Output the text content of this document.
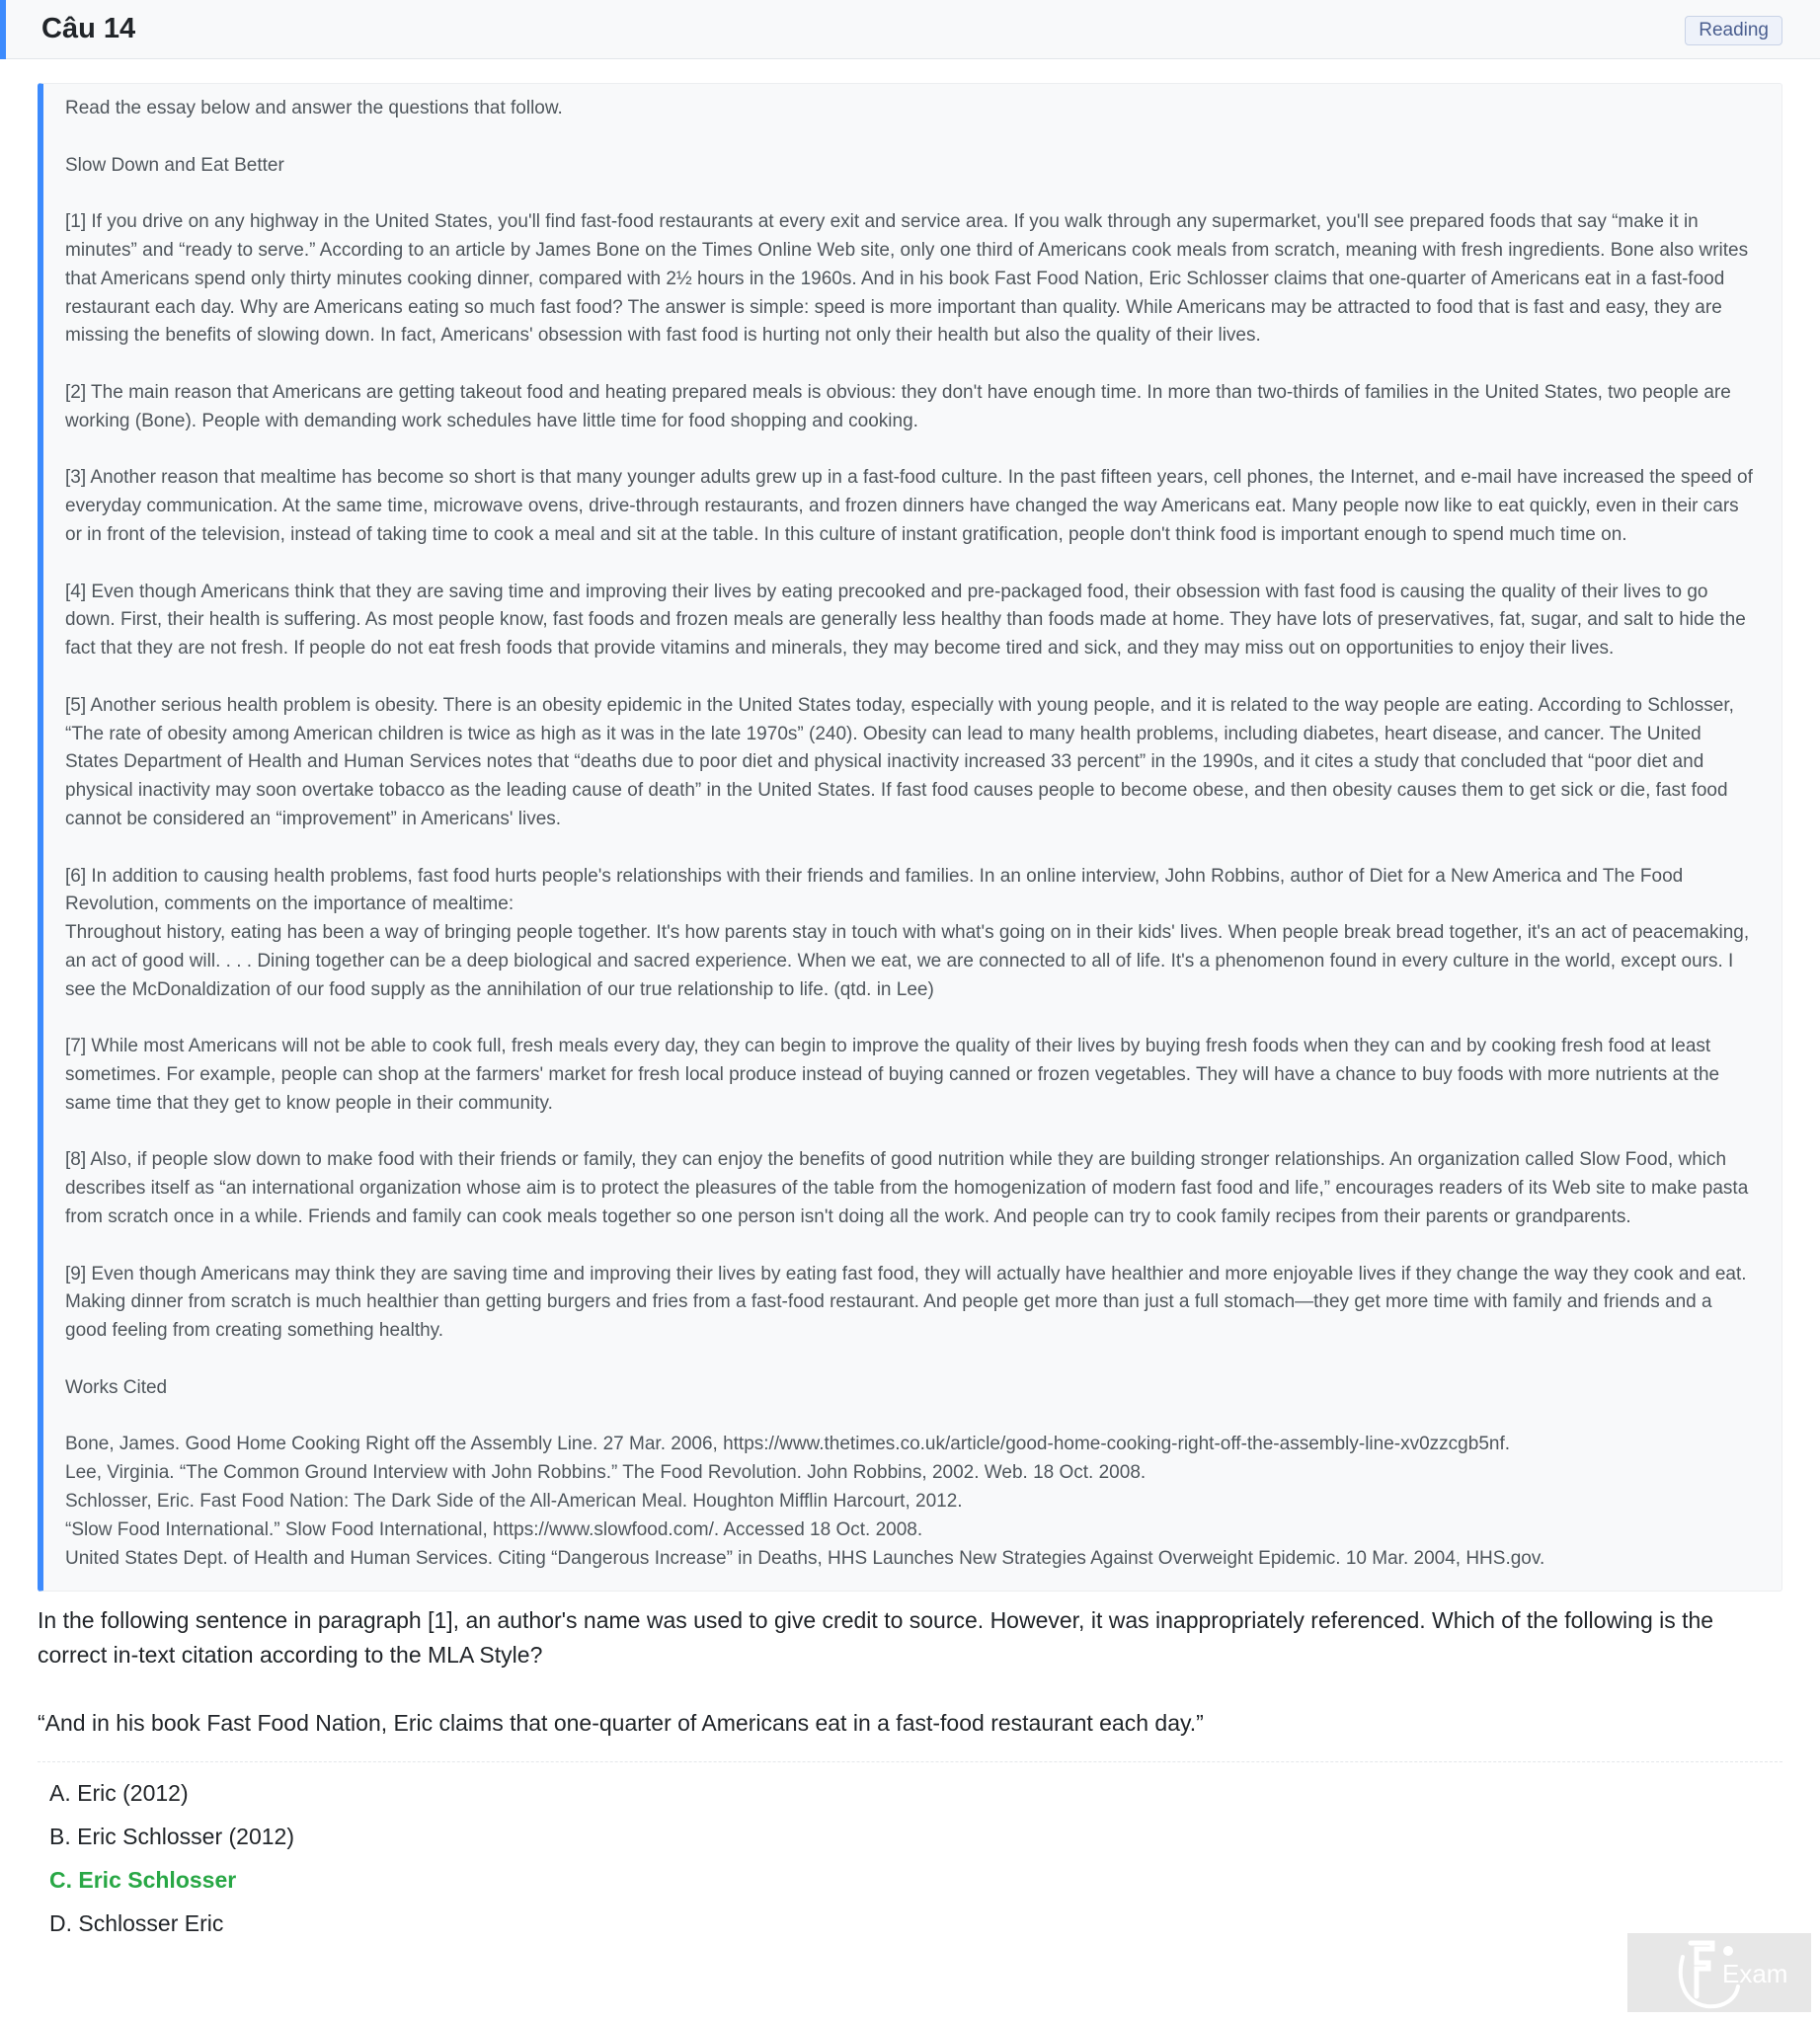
Câu 14	Reading

Read the essay below and answer the questions that follow.

Slow Down and Eat Better

[1] If you drive on any highway in the United States, you'll find fast-food restaurants at every exit and service area. If you walk through any supermarket, you'll see prepared foods that say “make it in minutes” and “ready to serve.” According to an article by James Bone on the Times Online Web site, only one third of Americans cook meals from scratch, meaning with fresh ingredients. Bone also writes that Americans spend only thirty minutes cooking dinner, compared with 2½ hours in the 1960s. And in his book Fast Food Nation, Eric Schlosser claims that one-quarter of Americans eat in a fast-food restaurant each day. Why are Americans eating so much fast food? The answer is simple: speed is more important than quality. While Americans may be attracted to food that is fast and easy, they are missing the benefits of slowing down. In fact, Americans' obsession with fast food is hurting not only their health but also the quality of their lives.

[2] The main reason that Americans are getting takeout food and heating prepared meals is obvious: they don't have enough time. In more than two-thirds of families in the United States, two people are working (Bone). People with demanding work schedules have little time for food shopping and cooking.

[3] Another reason that mealtime has become so short is that many younger adults grew up in a fast-food culture. In the past fifteen years, cell phones, the Internet, and e-mail have increased the speed of everyday communication. At the same time, microwave ovens, drive-through restaurants, and frozen dinners have changed the way Americans eat. Many people now like to eat quickly, even in their cars or in front of the television, instead of taking time to cook a meal and sit at the table. In this culture of instant gratification, people don't think food is important enough to spend much time on.

[4] Even though Americans think that they are saving time and improving their lives by eating precooked and pre-packaged food, their obsession with fast food is causing the quality of their lives to go down. First, their health is suffering. As most people know, fast foods and frozen meals are generally less healthy than foods made at home. They have lots of preservatives, fat, sugar, and salt to hide the fact that they are not fresh. If people do not eat fresh foods that provide vitamins and minerals, they may become tired and sick, and they may miss out on opportunities to enjoy their lives.

[5] Another serious health problem is obesity. There is an obesity epidemic in the United States today, especially with young people, and it is related to the way people are eating. According to Schlosser, “The rate of obesity among American children is twice as high as it was in the late 1970s” (240). Obesity can lead to many health problems, including diabetes, heart disease, and cancer. The United States Department of Health and Human Services notes that “deaths due to poor diet and physical inactivity increased 33 percent” in the 1990s, and it cites a study that concluded that “poor diet and physical inactivity may soon overtake tobacco as the leading cause of death” in the United States. If fast food causes people to become obese, and then obesity causes them to get sick or die, fast food cannot be considered an “improvement” in Americans' lives.

[6] In addition to causing health problems, fast food hurts people's relationships with their friends and families. In an online interview, John Robbins, author of Diet for a New America and The Food Revolution, comments on the importance of mealtime:
Throughout history, eating has been a way of bringing people together. It's how parents stay in touch with what's going on in their kids' lives. When people break bread together, it's an act of peacemaking, an act of good will. . . . Dining together can be a deep biological and sacred experience. When we eat, we are connected to all of life. It's a phenomenon found in every culture in the world, except ours. I see the McDonaldization of our food supply as the annihilation of our true relationship to life. (qtd. in Lee)

[7] While most Americans will not be able to cook full, fresh meals every day, they can begin to improve the quality of their lives by buying fresh foods when they can and by cooking fresh food at least sometimes. For example, people can shop at the farmers' market for fresh local produce instead of buying canned or frozen vegetables. They will have a chance to buy foods with more nutrients at the same time that they get to know people in their community.

[8] Also, if people slow down to make food with their friends or family, they can enjoy the benefits of good nutrition while they are building stronger relationships. An organization called Slow Food, which describes itself as “an international organization whose aim is to protect the pleasures of the table from the homogenization of modern fast food and life,” encourages readers of its Web site to make pasta from scratch once in a while. Friends and family can cook meals together so one person isn't doing all the work. And people can try to cook family recipes from their parents or grandparents.

[9] Even though Americans may think they are saving time and improving their lives by eating fast food, they will actually have healthier and more enjoyable lives if they change the way they cook and eat. Making dinner from scratch is much healthier than getting burgers and fries from a fast-food restaurant. And people get more than just a full stomach—they get more time with family and friends and a good feeling from creating something healthy.

Works Cited

Bone, James. Good Home Cooking Right off the Assembly Line. 27 Mar. 2006, https://www.thetimes.co.uk/article/good-home-cooking-right-off-the-assembly-line-xv0zzcgb5nf.

Lee, Virginia. “The Common Ground Interview with John Robbins.” The Food Revolution. John Robbins, 2002. Web. 18 Oct. 2008.

Schlosser, Eric. Fast Food Nation: The Dark Side of the All-American Meal. Houghton Mifflin Harcourt, 2012.

“Slow Food International.” Slow Food International, https://www.slowfood.com/. Accessed 18 Oct. 2008.

United States Dept. of Health and Human Services. Citing “Dangerous Increase” in Deaths, HHS Launches New Strategies Against Overweight Epidemic. 10 Mar. 2004, HHS.gov.

In the following sentence in paragraph [1], an author's name was used to give credit to source. However, it was inappropriately referenced. Which of the following is the correct in-text citation according to the MLA Style?

“And in his book Fast Food Nation, Eric claims that one-quarter of Americans eat in a fast-food restaurant each day.”

A. Eric (2012)
B. Eric Schlosser (2012)
C. Eric Schlosser
D. Schlosser Eric
Exam
